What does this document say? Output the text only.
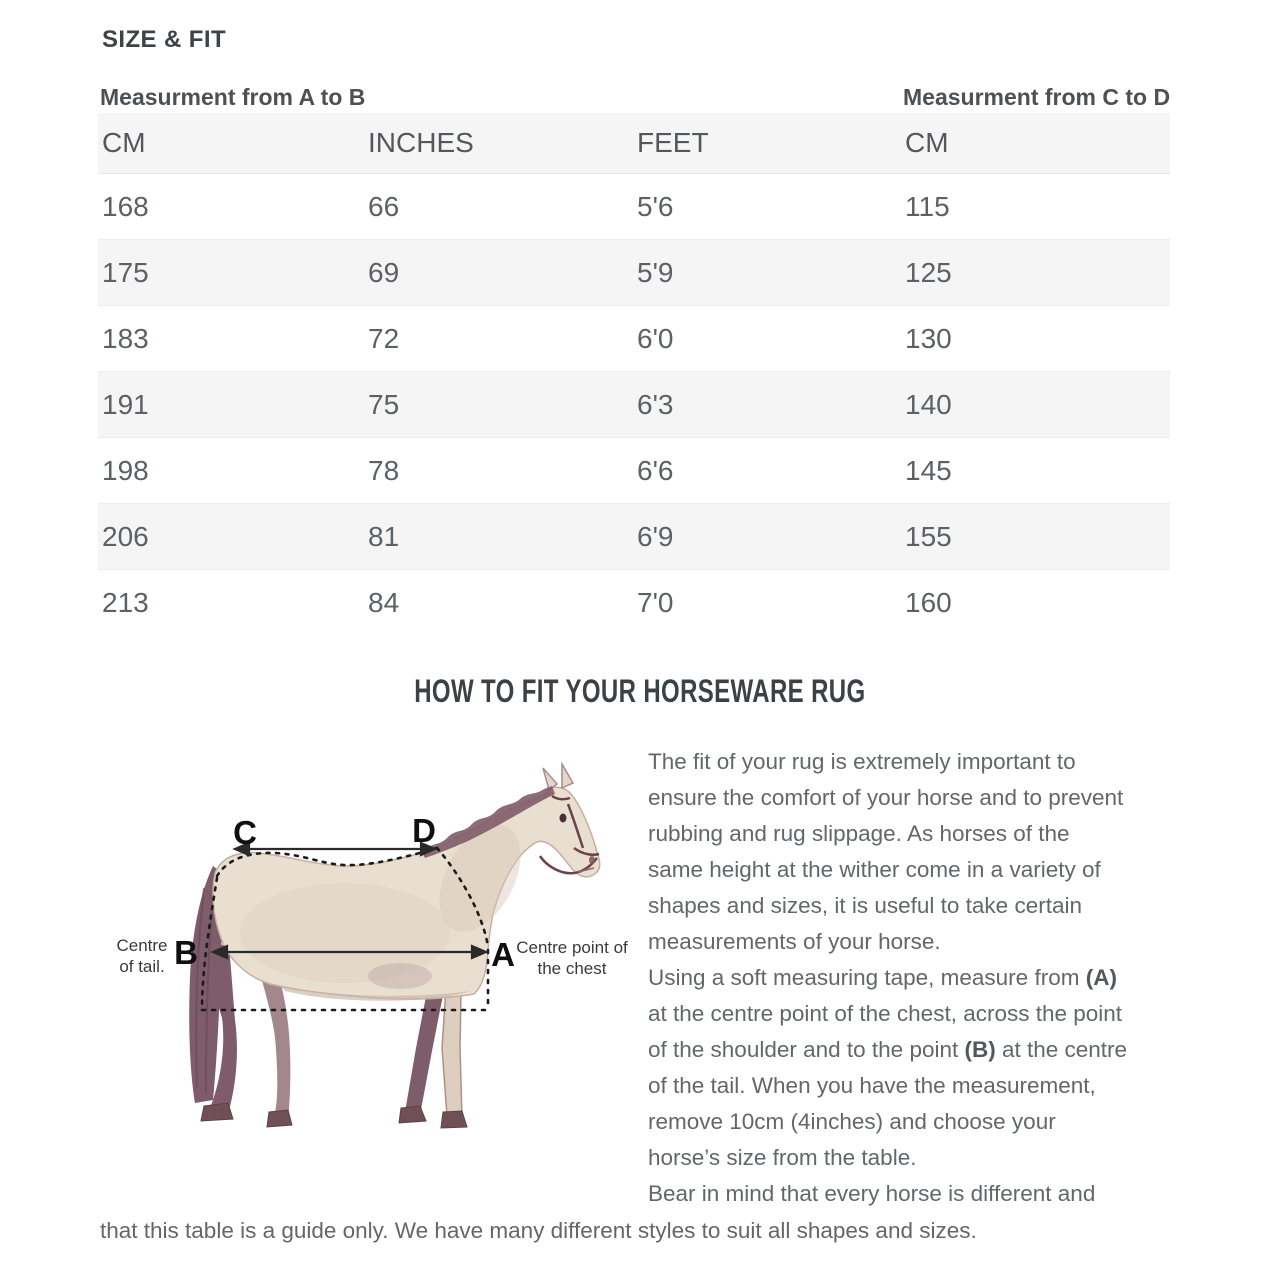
SIZE & FIT
Measurment from A to B	Measurment from C to D
CM	INCHES	FEET	CM
168	66	5'6	115
175	69	5'9	125
183	72	6'0	130
191	75	6'3	140
198	78	6'6	145
206	81	6'9	155
213	84	7'0	160
HOW TO FIT YOUR HORSEWARE RUG
C	D
B	A
Centre
of tail.
Centre point of
the chest
The fit of your rug is extremely important to
ensure the comfort of your horse and to prevent
rubbing and rug slippage. As horses of the
same height at the wither come in a variety of
shapes and sizes, it is useful to take certain
measurements of your horse.
Using a soft measuring tape, measure from (A)
at the centre point of the chest, across the point
of the shoulder and to the point (B) at the centre
of the tail. When you have the measurement,
remove 10cm (4inches) and choose your
horse’s size from the table.
Bear in mind that every horse is different and
that this table is a guide only. We have many different styles to suit all shapes and sizes.
